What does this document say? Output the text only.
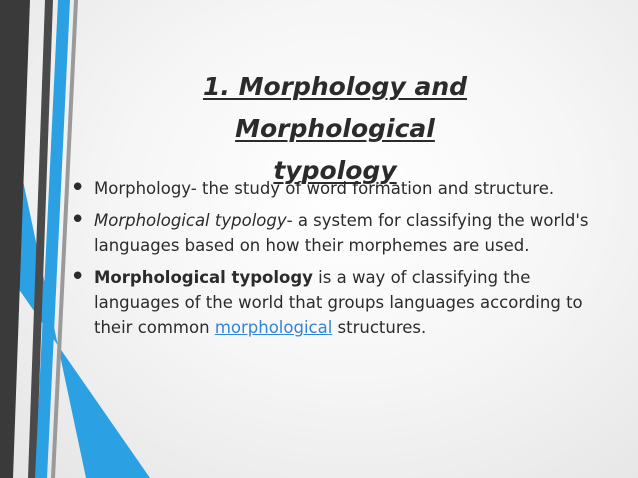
1. Morphology and Morphological
typology
• Morphology- the study of word formation and structure.
• Morphological typology- a system for classifying the world's languages based on how their morphemes are used.
• Morphological typology is a way of classifying the languages of the world that groups languages according to their common morphological structures.
